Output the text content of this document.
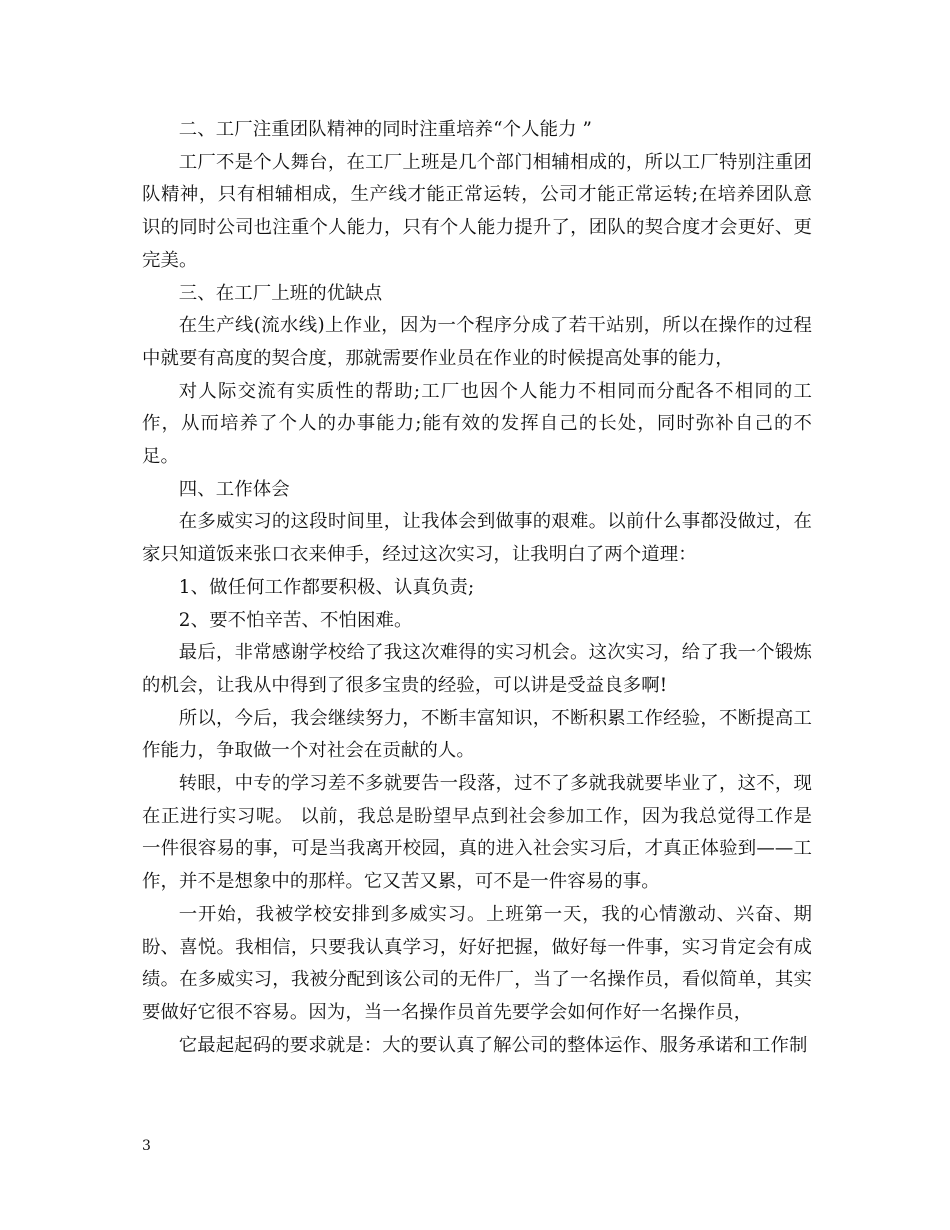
二、工厂注重团队精神的同时注重培养“个人能力 ”

工厂不是个人舞台，在工厂上班是几个部门相辅相成的，所以工厂特别注重团队精神，只有相辅相成，生产线才能正常运转，公司才能正常运转;在培养团队意识的同时公司也注重个人能力，只有个人能力提升了，团队的契合度才会更好、更完美。

三、在工厂上班的优缺点

在生产线(流水线)上作业，因为一个程序分成了若干站别，所以在操作的过程中就要有高度的契合度，那就需要作业员在作业的时候提高处事的能力，

对人际交流有实质性的帮助;工厂也因个人能力不相同而分配各不相同的工作，从而培养了个人的办事能力;能有效的发挥自己的长处，同时弥补自己的不足。

四、工作体会

在多威实习的这段时间里，让我体会到做事的艰难。以前什么事都没做过，在家只知道饭来张口衣来伸手，经过这次实习，让我明白了两个道理：

1、做任何工作都要积极、认真负责;

2、要不怕辛苦、不怕困难。

最后，非常感谢学校给了我这次难得的实习机会。这次实习，给了我一个锻炼的机会，让我从中得到了很多宝贵的经验，可以讲是受益良多啊!

所以，今后，我会继续努力，不断丰富知识，不断积累工作经验，不断提高工作能力，争取做一个对社会在贡献的人。

转眼，中专的学习差不多就要告一段落，过不了多就我就要毕业了，这不，现在正进行实习呢。 以前，我总是盼望早点到社会参加工作，因为我总觉得工作是一件很容易的事，可是当我离开校园，真的进入社会实习后，才真正体验到——工作，并不是想象中的那样。它又苦又累，可不是一件容易的事。

一开始，我被学校安排到多威实习。上班第一天，我的心情激动、兴奋、期盼、喜悦。我相信，只要我认真学习，好好把握，做好每一件事，实习肯定会有成绩。在多威实习，我被分配到该公司的无件厂，当了一名操作员，看似简单，其实要做好它很不容易。因为，当一名操作员首先要学会如何作好一名操作员，

它最起起码的要求就是：大的要认真了解公司的整体运作、服务承诺和工作制

3
